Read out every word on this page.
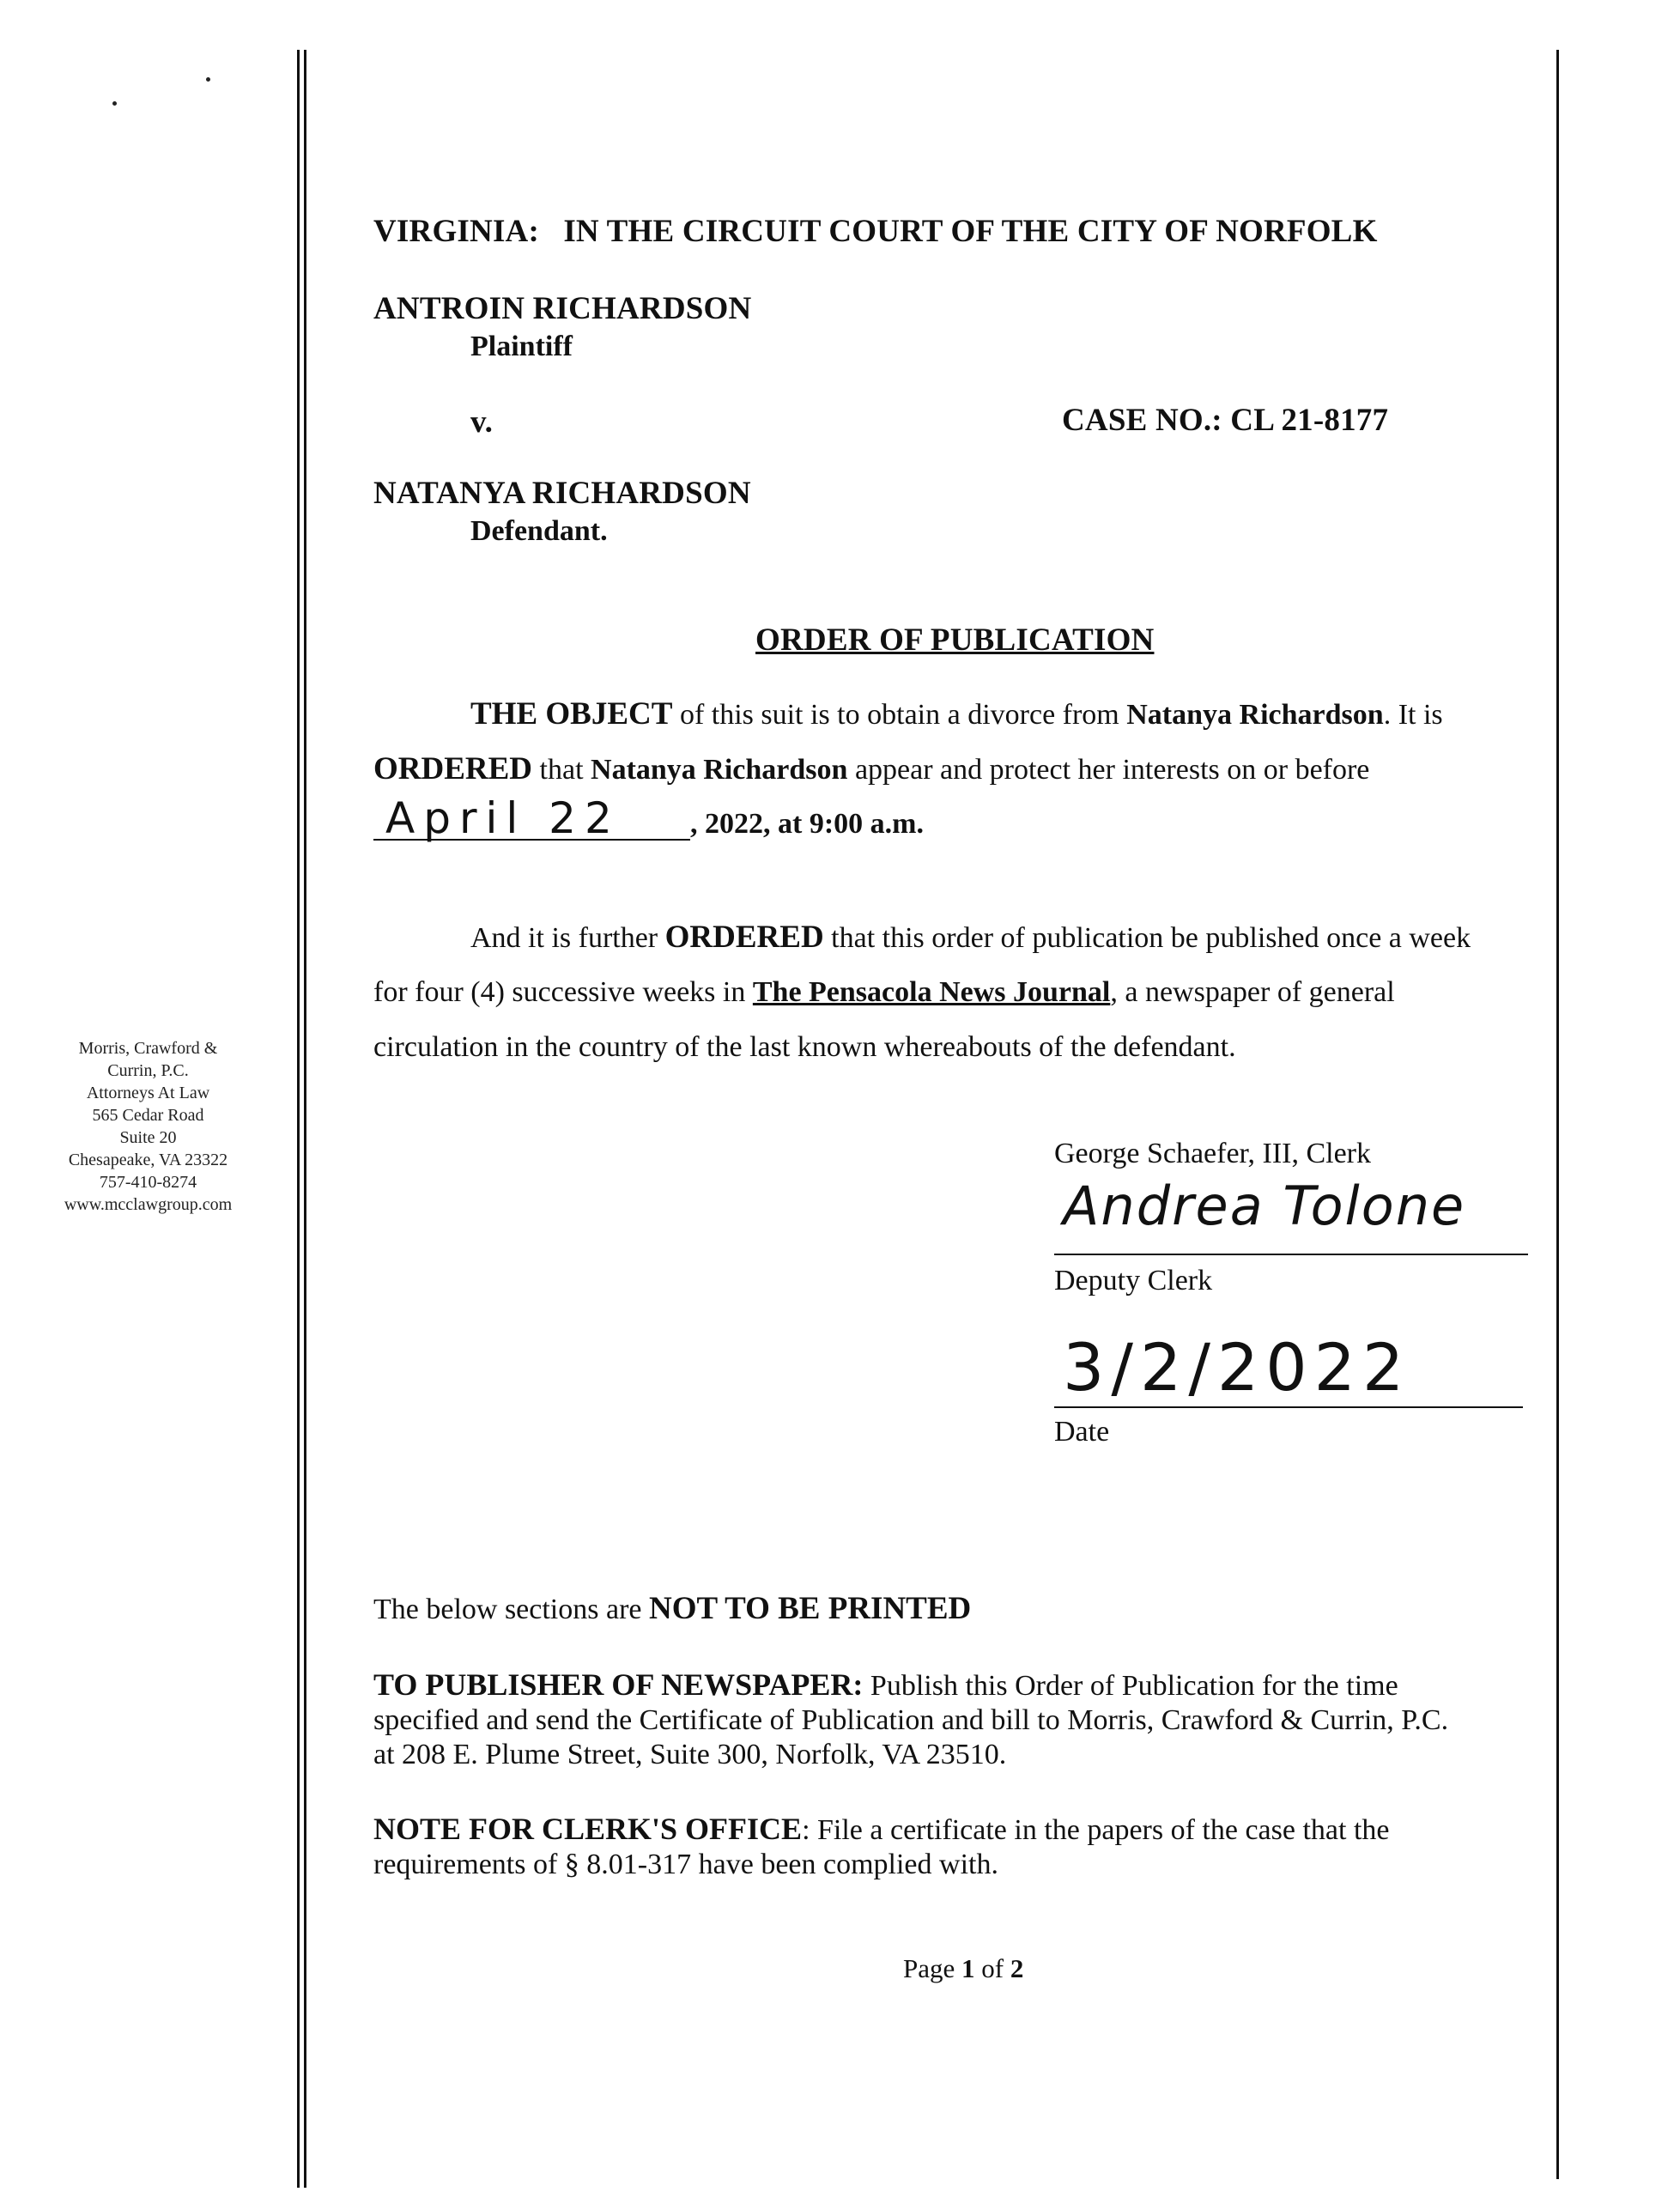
Morris, Crawford &
Currin, P.C.
Attorneys At Law
565 Cedar Road
Suite 20
Chesapeake, VA 23322
757-410-8274
www.mcclawgroup.com
VIRGINIA:   IN THE CIRCUIT COURT OF THE CITY OF NORFOLK
ANTROIN RICHARDSON
Plaintiff
v.	CASE NO.: CL 21-8177
NATANYA RICHARDSON
Defendant.
ORDER OF PUBLICATION
THE OBJECT of this suit is to obtain a divorce from Natanya Richardson. It is
ORDERED that Natanya Richardson appear and protect her interests on or before
April 22 , 2022, at 9:00 a.m.
And it is further ORDERED that this order of publication be published once a week
for four (4) successive weeks in The Pensacola News Journal, a newspaper of general
circulation in the country of the last known whereabouts of the defendant.
George Schaefer, III, Clerk
Andrea Tolone
Deputy Clerk
3/2/2022
Date
The below sections are NOT TO BE PRINTED
TO PUBLISHER OF NEWSPAPER: Publish this Order of Publication for the time
specified and send the Certificate of Publication and bill to Morris, Crawford & Currin, P.C.
at 208 E. Plume Street, Suite 300, Norfolk, VA 23510.
NOTE FOR CLERK'S OFFICE: File a certificate in the papers of the case that the
requirements of § 8.01-317 have been complied with.
Page 1 of 2
